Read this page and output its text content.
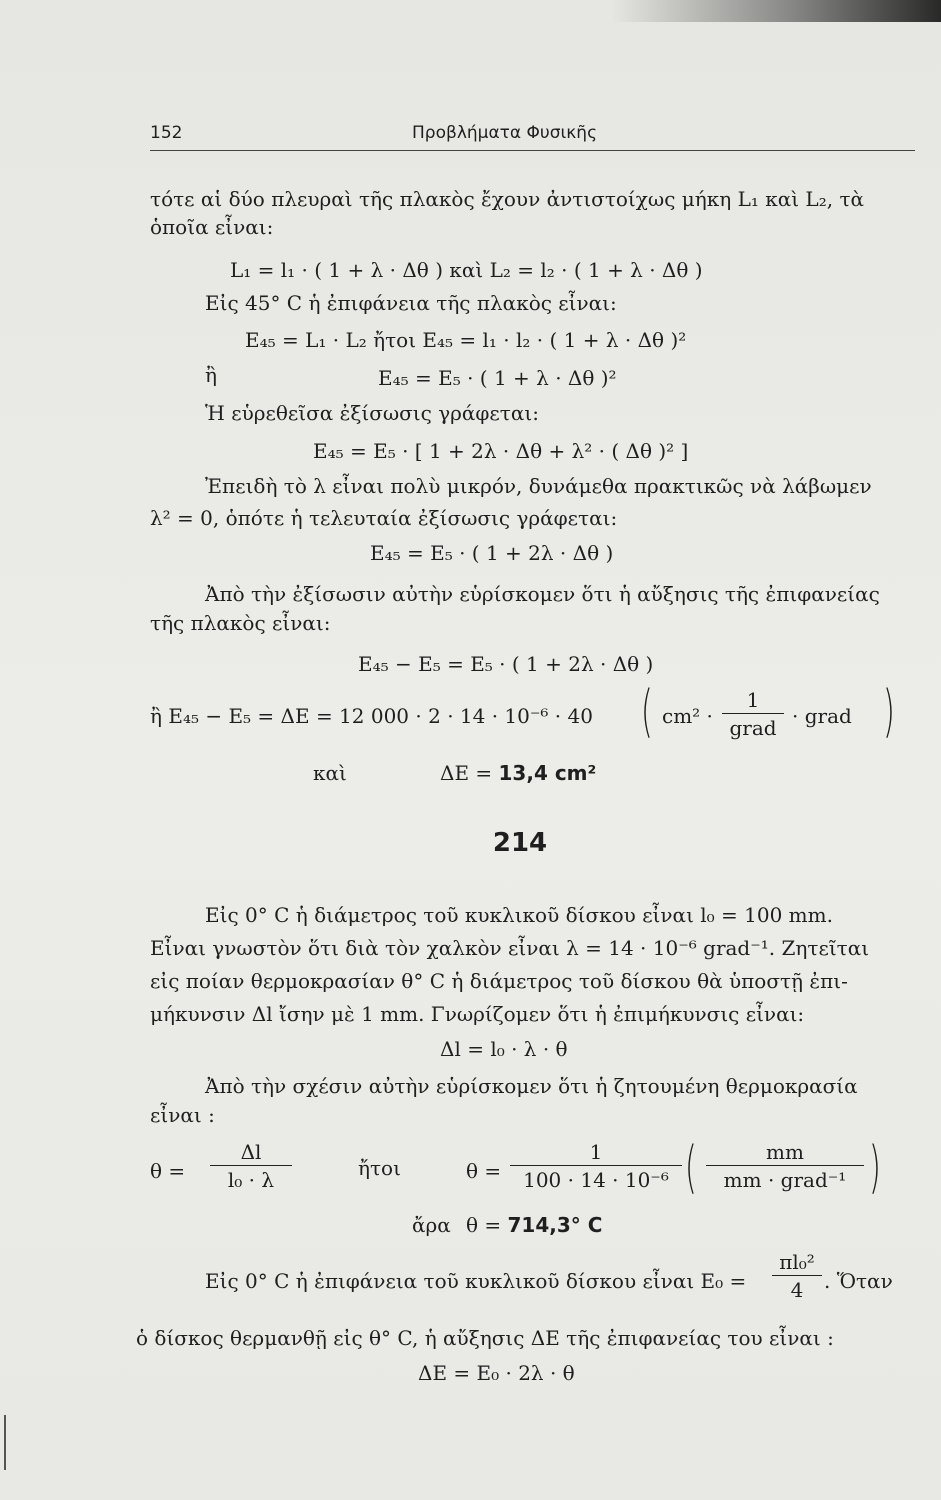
152	Προβλήματα Φυσικῆς
τότε αἱ δύο πλευραὶ τῆς πλακὸς ἔχουν ἀντιστοίχως μήκη L₁ καὶ L₂, τὰ
ὁποῖα εἶναι:
L₁ = l₁ · ( 1 + λ · Δθ ) καὶ L₂ = l₂ · ( 1 + λ · Δθ )
Εἰς 45° C ἡ ἐπιφάνεια τῆς πλακὸς εἶναι:
E₄₅ = L₁ · L₂ ἤτοι E₄₅ = l₁ · l₂ · ( 1 + λ · Δθ )²
ἢ	E₄₅ = E₅ · ( 1 + λ · Δθ )²
Ἡ εὑρεθεῖσα ἐξίσωσις γράφεται:
E₄₅ = E₅ · [ 1 + 2λ · Δθ + λ² · ( Δθ )² ]
Ἐπειδὴ τὸ λ εἶναι πολὺ μικρόν, δυνάμεθα πρακτικῶς νὰ λάβωμεν
λ² = 0, ὁπότε ἡ τελευταία ἐξίσωσις γράφεται:
E₄₅ = E₅ · ( 1 + 2λ · Δθ )
Ἀπὸ τὴν ἐξίσωσιν αὐτὴν εὑρίσκομεν ὅτι ἡ αὔξησις τῆς ἐπιφανείας
τῆς πλακὸς εἶναι:
E₄₅ − E₅ = E₅ · ( 1 + 2λ · Δθ )
ἢ E₄₅ − E₅ = ΔE = 12 000 · 2 · 14 · 10⁻⁶ · 40 ( cm² ·
1
grad · grad )
καὶ	ΔE = 13,4 cm²
214
Εἰς 0° C ἡ διάμετρος τοῦ κυκλικοῦ δίσκου εἶναι l₀ = 100 mm.
Εἶναι γνωστὸν ὅτι διὰ τὸν χαλκὸν εἶναι λ = 14 · 10⁻⁶ grad⁻¹. Ζητεῖται
εἰς ποίαν θερμοκρασίαν θ° C ἡ διάμετρος τοῦ δίσκου θὰ ὑποστῇ ἐπι-
μήκυνσιν Δl ἴσην μὲ 1 mm. Γνωρίζομεν ὅτι ἡ ἐπιμήκυνσις εἶναι:
Δl = l₀ · λ · θ
Ἀπὸ τὴν σχέσιν αὐτὴν εὑρίσκομεν ὅτι ἡ ζητουμένη θερμοκρασία
εἶναι :
θ =
Δl
l₀ · λ	ἤτοι	θ =
1
100 · 14 · 10⁻⁶ (	mm
mm · grad⁻¹ )
ἄρα θ = 714,3° C
Εἰς 0° C ἡ ἐπιφάνεια τοῦ κυκλικοῦ δίσκου εἶναι E₀ =
πl₀²
4	. Ὅταν
ὁ δίσκος θερμανθῇ εἰς θ° C, ἡ αὔξησις ΔE τῆς ἐπιφανείας του εἶναι :
ΔE = E₀ · 2λ · θ
